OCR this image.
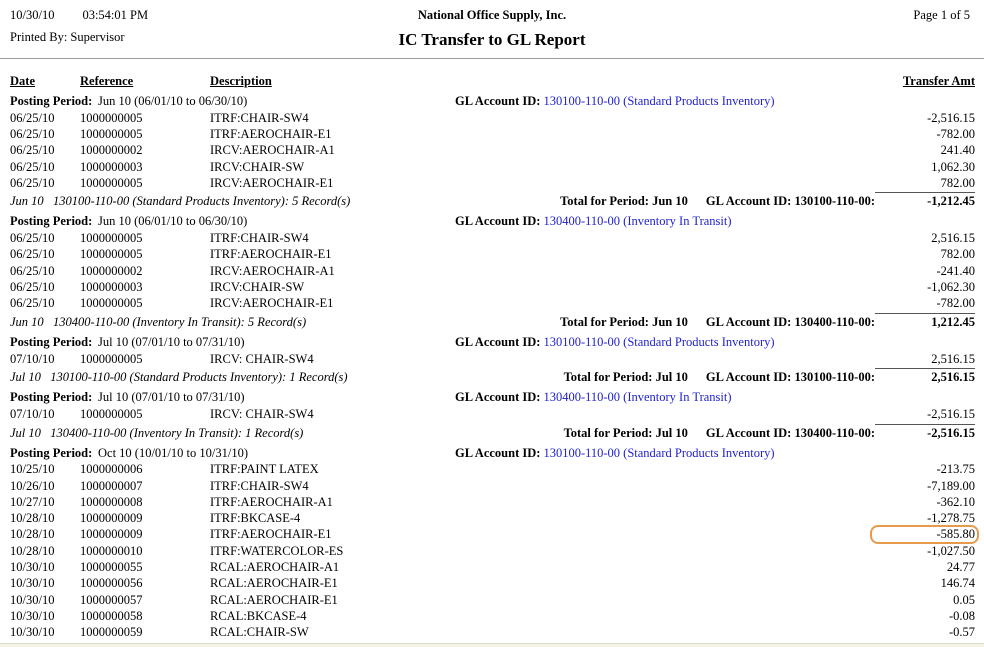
10/30/10 03:54:01 PM
Printed By: Supervisor
National Office Supply, Inc.
IC Transfer to GL Report
Page 1 of 5
Date	Reference	Description	Transfer Amt
Posting Period: Jun 10 (06/01/10 to 06/30/10)	GL Account ID: 130100-110-00 (Standard Products Inventory)
06/25/10	1000000005	ITRF:CHAIR-SW4	-2,516.15
06/25/10	1000000005	ITRF:AEROCHAIR-E1	-782.00
06/25/10	1000000002	IRCV:AEROCHAIR-A1	241.40
06/25/10	1000000003	IRCV:CHAIR-SW	1,062.30
06/25/10	1000000005	IRCV:AEROCHAIR-E1	782.00
Jun 10   130100-110-00 (Standard Products Inventory): 5 Record(s)	Total for Period: Jun 10 GL Account ID: 130100-110-00:	-1,212.45
Posting Period: Jun 10 (06/01/10 to 06/30/10)	GL Account ID: 130400-110-00 (Inventory In Transit)
06/25/10	1000000005	ITRF:CHAIR-SW4	2,516.15
06/25/10	1000000005	ITRF:AEROCHAIR-E1	782.00
06/25/10	1000000002	IRCV:AEROCHAIR-A1	-241.40
06/25/10	1000000003	IRCV:CHAIR-SW	-1,062.30
06/25/10	1000000005	IRCV:AEROCHAIR-E1	-782.00
Jun 10   130400-110-00 (Inventory In Transit): 5 Record(s)	Total for Period: Jun 10 GL Account ID: 130400-110-00:	1,212.45
Posting Period: Jul 10 (07/01/10 to 07/31/10)	GL Account ID: 130100-110-00 (Standard Products Inventory)
07/10/10	1000000005	IRCV: CHAIR-SW4	2,516.15
Jul 10   130100-110-00 (Standard Products Inventory): 1 Record(s)	Total for Period: Jul 10 GL Account ID: 130100-110-00:	2,516.15
Posting Period: Jul 10 (07/01/10 to 07/31/10)	GL Account ID: 130400-110-00 (Inventory In Transit)
07/10/10	1000000005	IRCV: CHAIR-SW4	-2,516.15
Jul 10   130400-110-00 (Inventory In Transit): 1 Record(s)	Total for Period: Jul 10 GL Account ID: 130400-110-00:	-2,516.15
Posting Period: Oct 10 (10/01/10 to 10/31/10)	GL Account ID: 130100-110-00 (Standard Products Inventory)
10/25/10	1000000006	ITRF:PAINT LATEX	-213.75
10/26/10	1000000007	ITRF:CHAIR-SW4	-7,189.00
10/27/10	1000000008	ITRF:AEROCHAIR-A1	-362.10
10/28/10	1000000009	ITRF:BKCASE-4	-1,278.75
10/28/10	1000000009	ITRF:AEROCHAIR-E1	-585.80
10/28/10	1000000010	ITRF:WATERCOLOR-ES	-1,027.50
10/30/10	1000000055	RCAL:AEROCHAIR-A1	24.77
10/30/10	1000000056	RCAL:AEROCHAIR-E1	146.74
10/30/10	1000000057	RCAL:AEROCHAIR-E1	0.05
10/30/10	1000000058	RCAL:BKCASE-4	-0.08
10/30/10	1000000059	RCAL:CHAIR-SW	-0.57
